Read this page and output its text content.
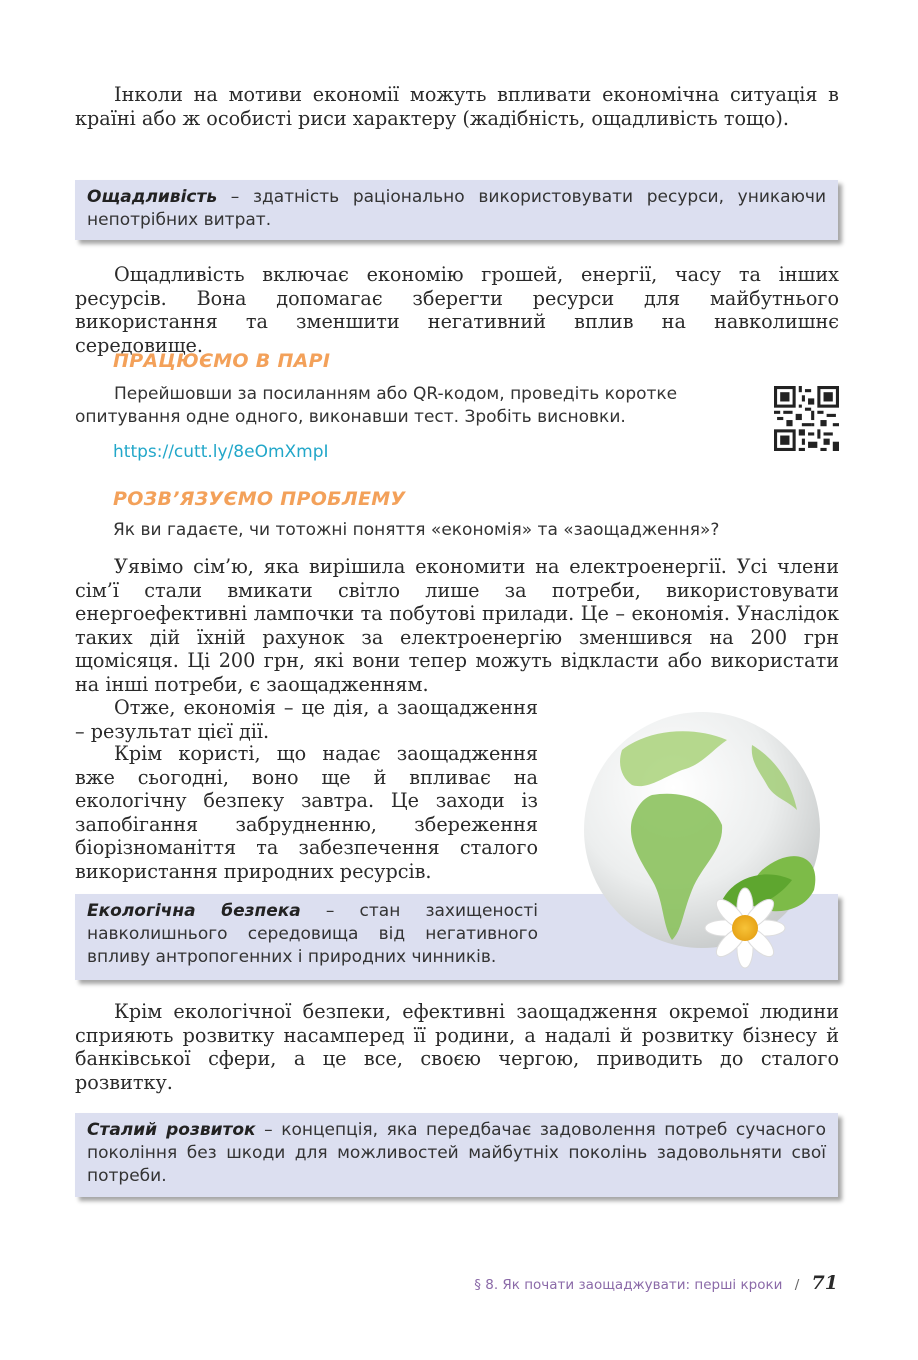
Інколи на мотиви економії можуть впливати економічна ситуація в країні або ж особисті риси характеру (жадібність, ощадливість тощо).
Ощадливість – здатність раціонально використовувати ресурси, уникаючи непотрібних витрат.
Ощадливість включає економію грошей, енергії, часу та інших ресурсів. Вона допомагає зберегти ресурси для майбутнього використання та зменшити негативний вплив на навколишнє середовище.
ПРАЦЮЄМО В ПАРІ
Перейшовши за посиланням або QR-кодом, проведіть коротке опитування одне одного, виконавши тест. Зробіть висновки.
https://cutt.ly/8eOmXmpI
РОЗВ’ЯЗУЄМО ПРОБЛЕМУ
Як ви гадаєте, чи тотожні поняття «економія» та «заощадження»?
Уявімо сім’ю, яка вирішила економити на електроенергії. Усі члени сім’ї стали вмикати світло лише за потреби, використовувати енергоефективні лампочки та побутові прилади. Це – економія. Унаслідок таких дій їхній рахунок за електроенергію зменшився на 200 грн щомісяця. Ці 200 грн, які вони тепер можуть відкласти або використати на інші потреби, є заощадженням.
Отже, економія – це дія, а заощадження – результат цієї дії.
Крім користі, що надає заощадження вже сьогодні, воно ще й впливає на екологічну безпеку завтра. Це заходи із запобігання забрудненню, збереження біорізноманіття та забезпечення сталого використання природних ресурсів.
Екологічна безпека – стан захищеності навколишнього середовища від негативного впливу антропогенних і природних чинників.
Крім екологічної безпеки, ефективні заощадження окремої людини сприяють розвитку насамперед її родини, а надалі й розвитку бізнесу й банківської сфери, а це все, своєю чергою, приводить до сталого розвитку.
Сталий розвиток – концепція, яка передбачає задоволення потреб сучасного покоління без шкоди для можливостей майбутніх поколінь задовольняти свої потреби.
§ 8. Як почати заощаджувати: перші кроки / 71
